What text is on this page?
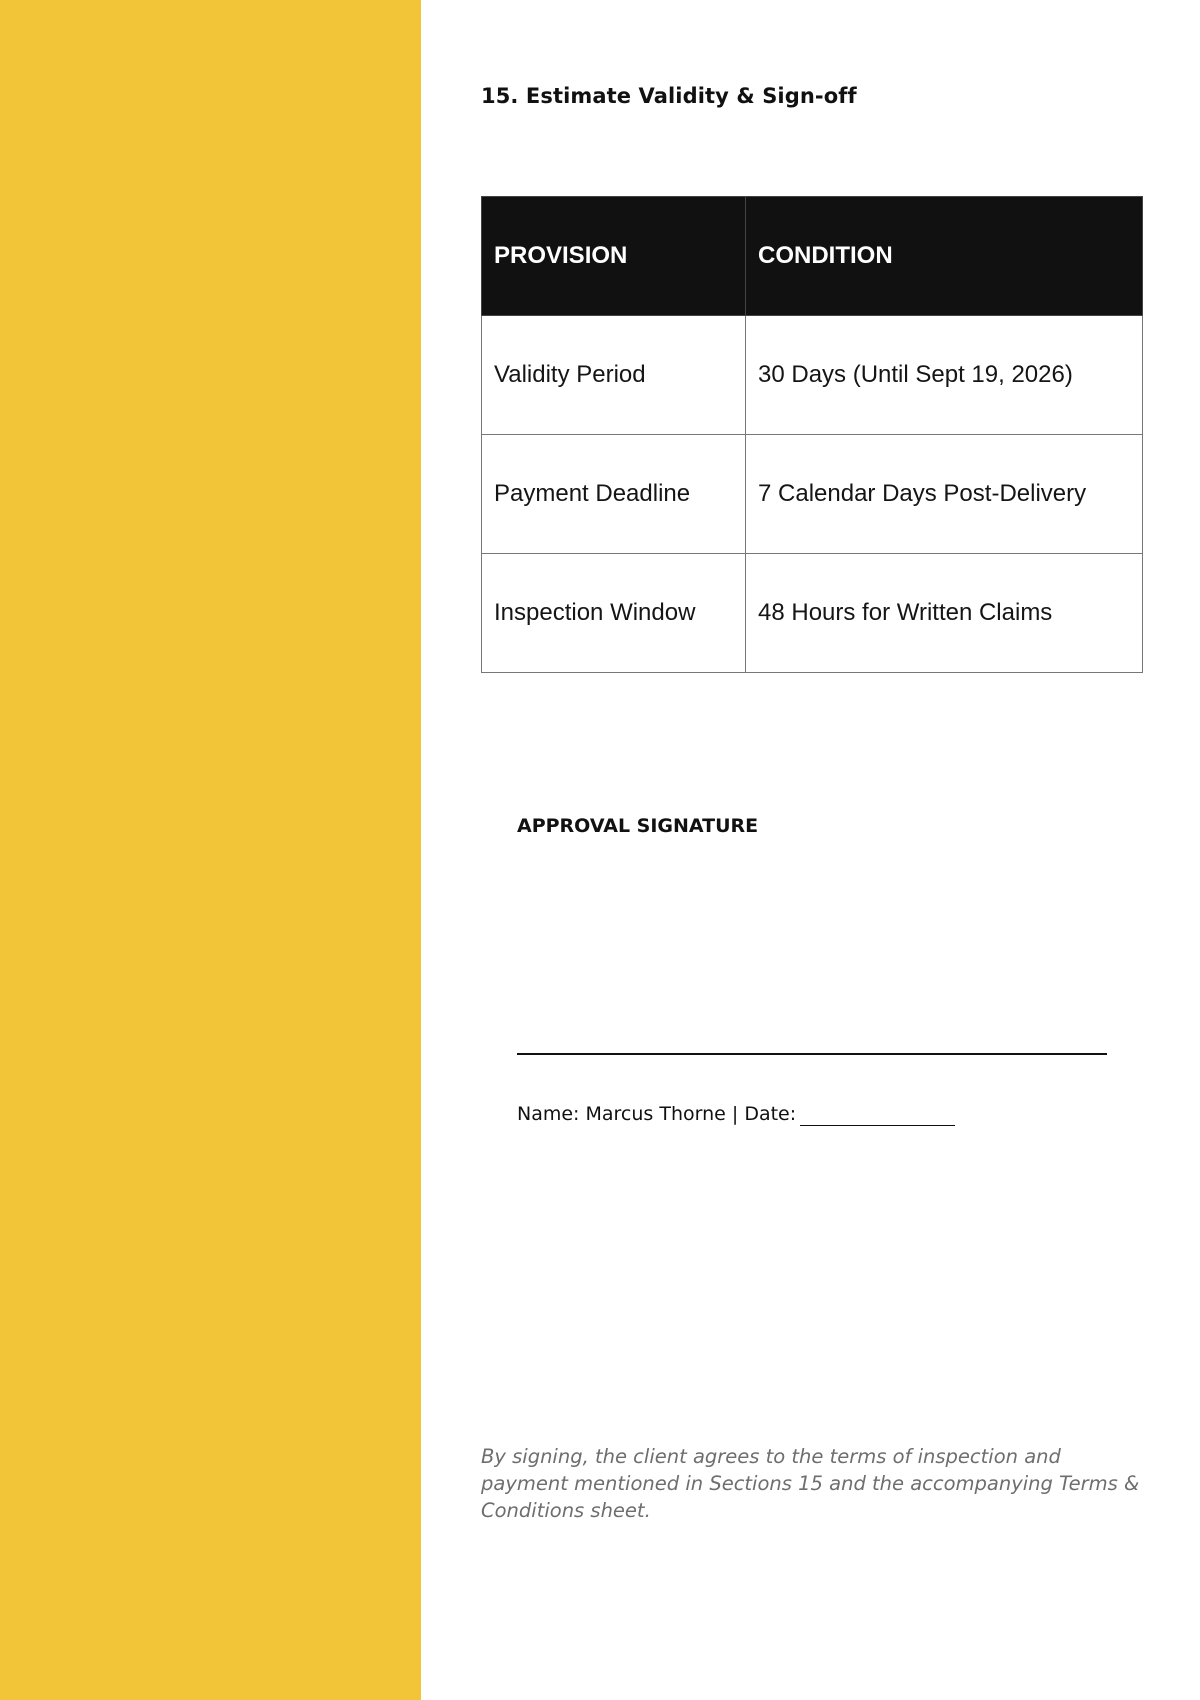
15. Estimate Validity & Sign-off
PROVISION	CONDITION
Validity Period	30 Days (Until Sept 19, 2026)
Payment Deadline	7 Calendar Days Post-Delivery
Inspection Window	48 Hours for Written Claims
APPROVAL SIGNATURE
Name: Marcus Thorne | Date:

By signing, the client agrees to the terms of inspection and payment mentioned in Sections 15 and the accompanying Terms & Conditions sheet.
